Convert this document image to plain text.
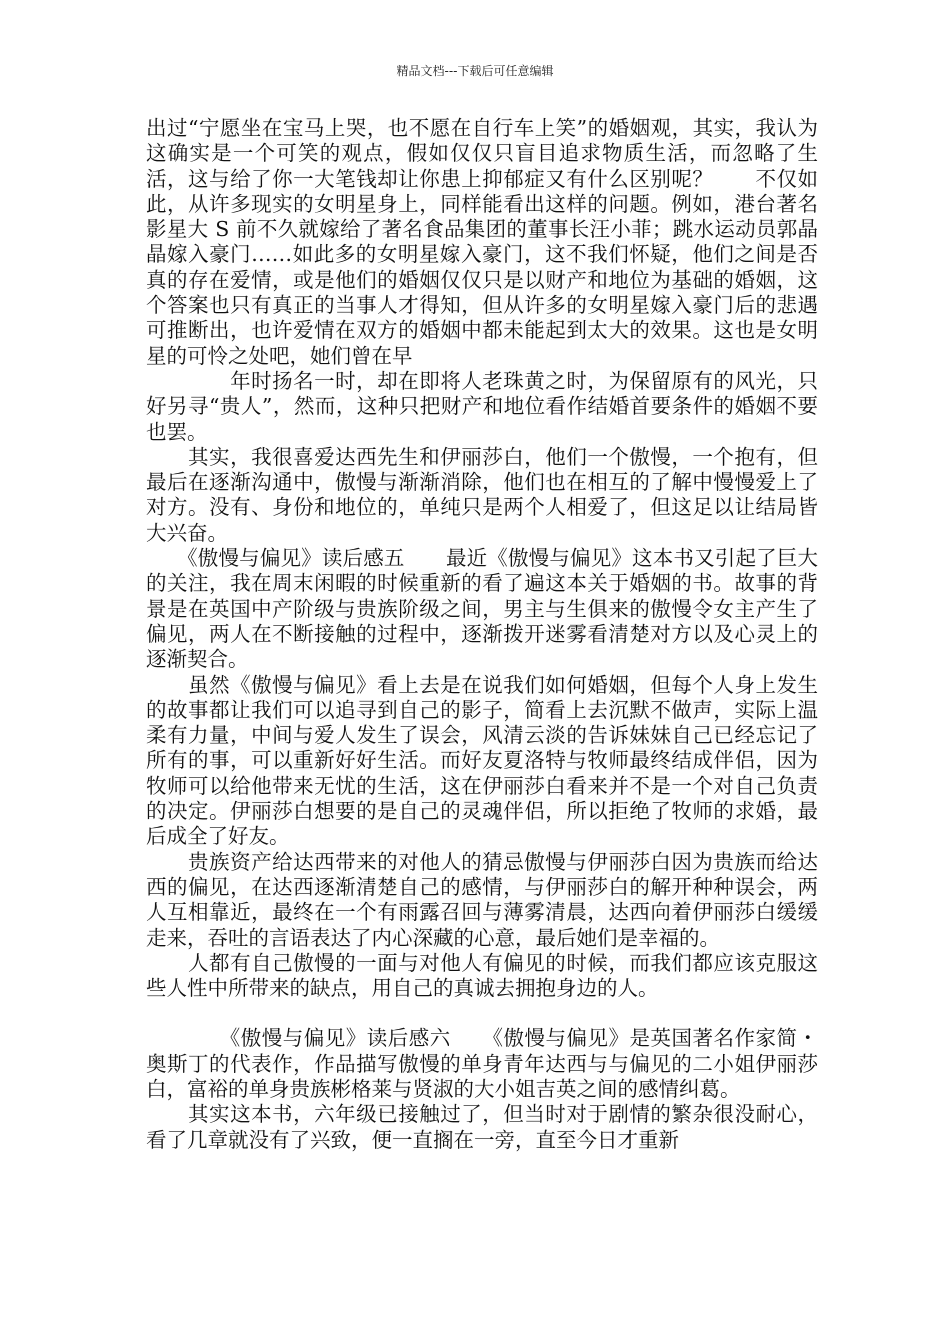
精品文档---下载后可任意编辑

出过“宁愿坐在宝马上哭，也不愿在自行车上笑”的婚姻观，其实，我认为这确实是一个可笑的观点，假如仅仅只盲目追求物质生活，而忽略了生活，这与给了你一大笔钱却让你患上抑郁症又有什么区别呢？　　不仅如此，从许多现实的女明星身上，同样能看出这样的问题。例如，港台著名影星大 S 前不久就嫁给了著名食品集团的董事长汪小菲；跳水运动员郭晶晶嫁入豪门……如此多的女明星嫁入豪门，这不我们怀疑，他们之间是否真的存在爱情，或是他们的婚姻仅仅只是以财产和地位为基础的婚姻，这个答案也只有真正的当事人才得知，但从许多的女明星嫁入豪门后的悲遇可推断出，也许爱情在双方的婚姻中都未能起到太大的效果。这也是女明星的可怜之处吧，她们曾在早

　　　　年时扬名一时，却在即将人老珠黄之时，为保留原有的风光，只好另寻“贵人”，然而，这种只把财产和地位看作结婚首要条件的婚姻不要也罢。

　　其实，我很喜爱达西先生和伊丽莎白，他们一个傲慢，一个抱有，但最后在逐渐沟通中，傲慢与渐渐消除，他们也在相互的了解中慢慢爱上了对方。没有、身份和地位的，单纯只是两个人相爱了，但这足以让结局皆大兴奋。

　　《傲慢与偏见》读后感五　　最近《傲慢与偏见》这本书又引起了巨大的关注，我在周末闲暇的时候重新的看了遍这本关于婚姻的书。故事的背景是在英国中产阶级与贵族阶级之间，男主与生俱来的傲慢令女主产生了偏见，两人在不断接触的过程中，逐渐拨开迷雾看清楚对方以及心灵上的逐渐契合。

　　虽然《傲慢与偏见》看上去是在说我们如何婚姻，但每个人身上发生的故事都让我们可以追寻到自己的影子，简看上去沉默不做声，实际上温柔有力量，中间与爱人发生了误会，风清云淡的告诉妹妹自己已经忘记了所有的事，可以重新好好生活。而好友夏洛特与牧师最终结成伴侣，因为牧师可以给他带来无忧的生活，这在伊丽莎白看来并不是一个对自己负责的决定。伊丽莎白想要的是自己的灵魂伴侣，所以拒绝了牧师的求婚，最后成全了好友。

　　贵族资产给达西带来的对他人的猜忌傲慢与伊丽莎白因为贵族而给达西的偏见，在达西逐渐清楚自己的感情，与伊丽莎白的解开种种误会，两人互相靠近，最终在一个有雨露召回与薄雾清晨，达西向着伊丽莎白缓缓走来，吞吐的言语表达了内心深藏的心意，最后她们是幸福的。

　　人都有自己傲慢的一面与对他人有偏见的时候，而我们都应该克服这些人性中所带来的缺点，用自己的真诚去拥抱身边的人。

　　　　《傲慢与偏见》读后感六　　《傲慢与偏见》是英国著名作家简・奥斯丁的代表作，作品描写傲慢的单身青年达西与与偏见的二小姐伊丽莎白，富裕的单身贵族彬格莱与贤淑的大小姐吉英之间的感情纠葛。

　　其实这本书，六年级已接触过了，但当时对于剧情的繁杂很没耐心，看了几章就没有了兴致，便一直搁在一旁，直至今日才重新
